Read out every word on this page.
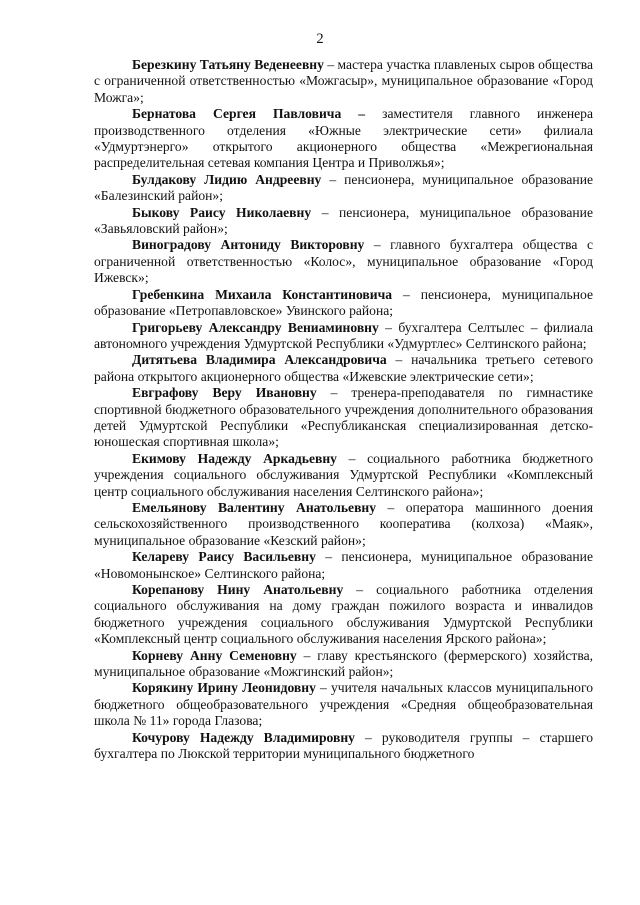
2

Березкину Татьяну Веденеевну – мастера участка плавленых сыров общества с ограниченной ответственностью «Можгасыр», муниципальное образование «Город Можга»;

Бернатова Сергея Павловича – заместителя главного инженера производственного отделения «Южные электрические сети» филиала «Удмуртэнерго» открытого акционерного общества «Межрегиональная распределительная сетевая компания Центра и Приволжья»;

Булдакову Лидию Андреевну – пенсионера, муниципальное образование «Балезинский район»;

Быкову Раису Николаевну – пенсионера, муниципальное образование «Завьяловский район»;

Виноградову Антониду Викторовну – главного бухгалтера общества с ограниченной ответственностью «Колос», муниципальное образование «Город Ижевск»;

Гребенкина Михаила Константиновича – пенсионера, муниципальное образование «Петропавловское» Увинского района;

Григорьеву Александру Вениаминовну – бухгалтера Селтылес – филиала автономного учреждения Удмуртской Республики «Удмуртлес» Селтинского района;

Дитятьева Владимира Александровича – начальника третьего сетевого района открытого акционерного общества «Ижевские электрические сети»;

Евграфову Веру Ивановну – тренера-преподавателя по гимнастике спортивной бюджетного образовательного учреждения дополнительного образования детей Удмуртской Республики «Республиканская специализированная детско-юношеская спортивная школа»;

Екимову Надежду Аркадьевну – социального работника бюджетного учреждения социального обслуживания Удмуртской Республики «Комплексный центр социального обслуживания населения Селтинского района»;

Емельянову Валентину Анатольевну – оператора машинного доения сельскохозяйственного производственного кооператива (колхоза) «Маяк», муниципальное образование «Кезский район»;

Келареву Раису Васильевну – пенсионера, муниципальное образование «Новомонынское» Селтинского района;

Корепанову Нину Анатольевну – социального работника отделения социального обслуживания на дому граждан пожилого возраста и инвалидов бюджетного учреждения социального обслуживания Удмуртской Республики «Комплексный центр социального обслуживания населения Ярского района»;

Корневу Анну Семеновну – главу крестьянского (фермерского) хозяйства, муниципальное образование «Можгинский район»;

Корякину Ирину Леонидовну – учителя начальных классов муниципального бюджетного общеобразовательного учреждения «Средняя общеобразовательная школа № 11» города Глазова;

Кочурову Надежду Владимировну – руководителя группы – старшего бухгалтера по Люкской территории муниципального бюджетного
